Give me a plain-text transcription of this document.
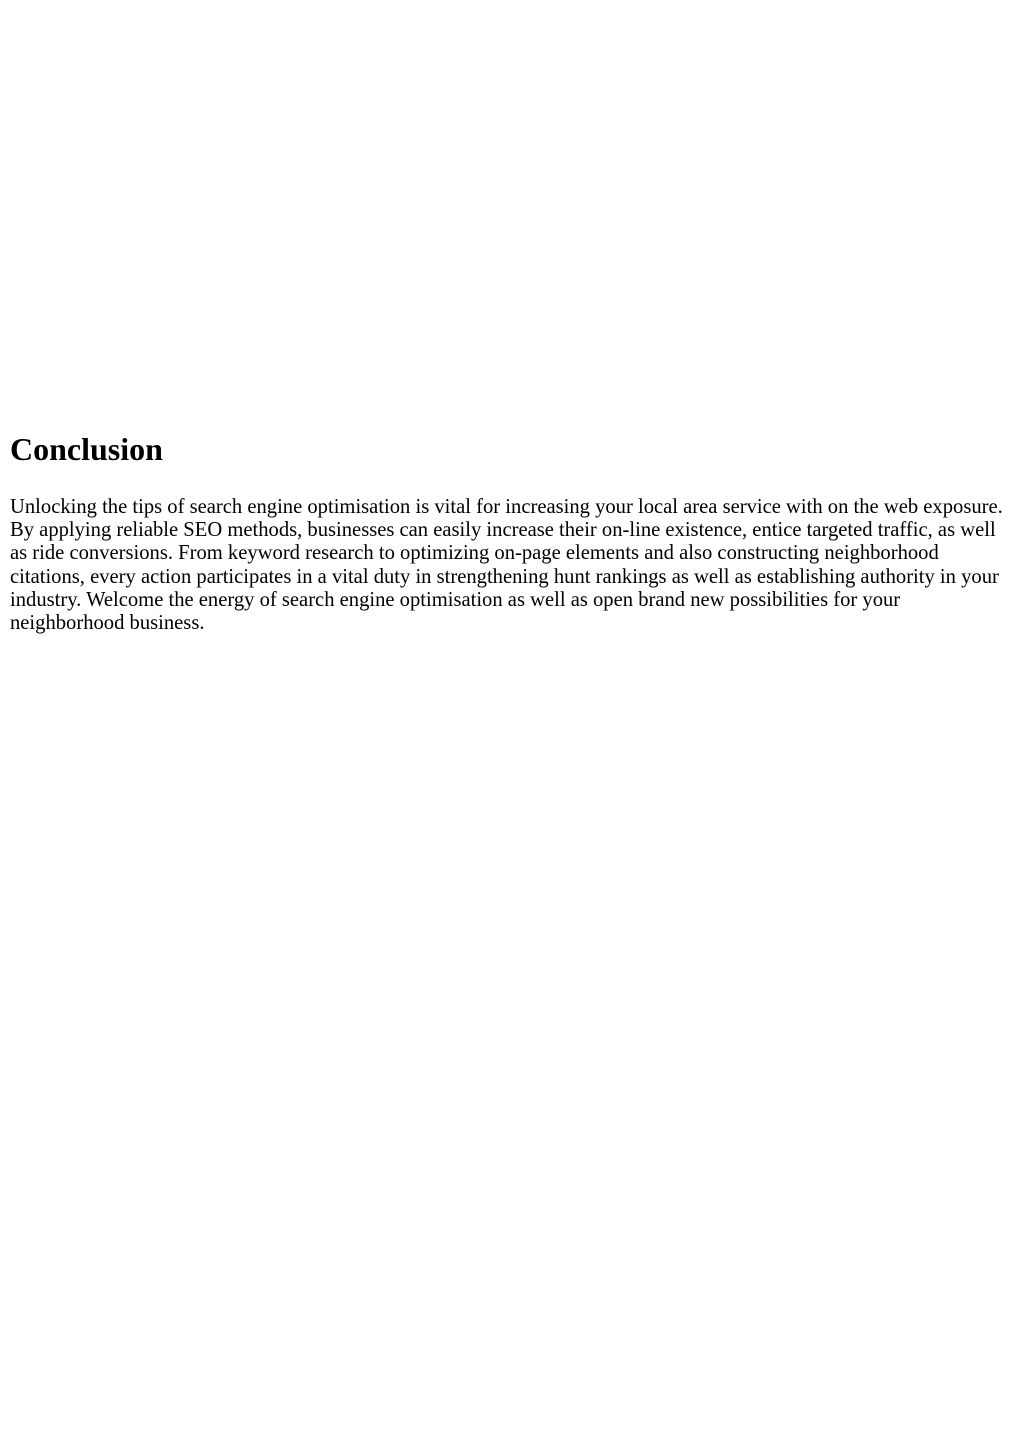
Conclusion

Unlocking the tips of search engine optimisation is vital for increasing your local area service with on the web exposure. By applying reliable SEO methods, businesses can easily increase their on-line existence, entice targeted traffic, as well as ride conversions. From keyword research to optimizing on-page elements and also constructing neighborhood citations, every action participates in a vital duty in strengthening hunt rankings as well as establishing authority in your industry. Welcome the energy of search engine optimisation as well as open brand new possibilities for your neighborhood business.
